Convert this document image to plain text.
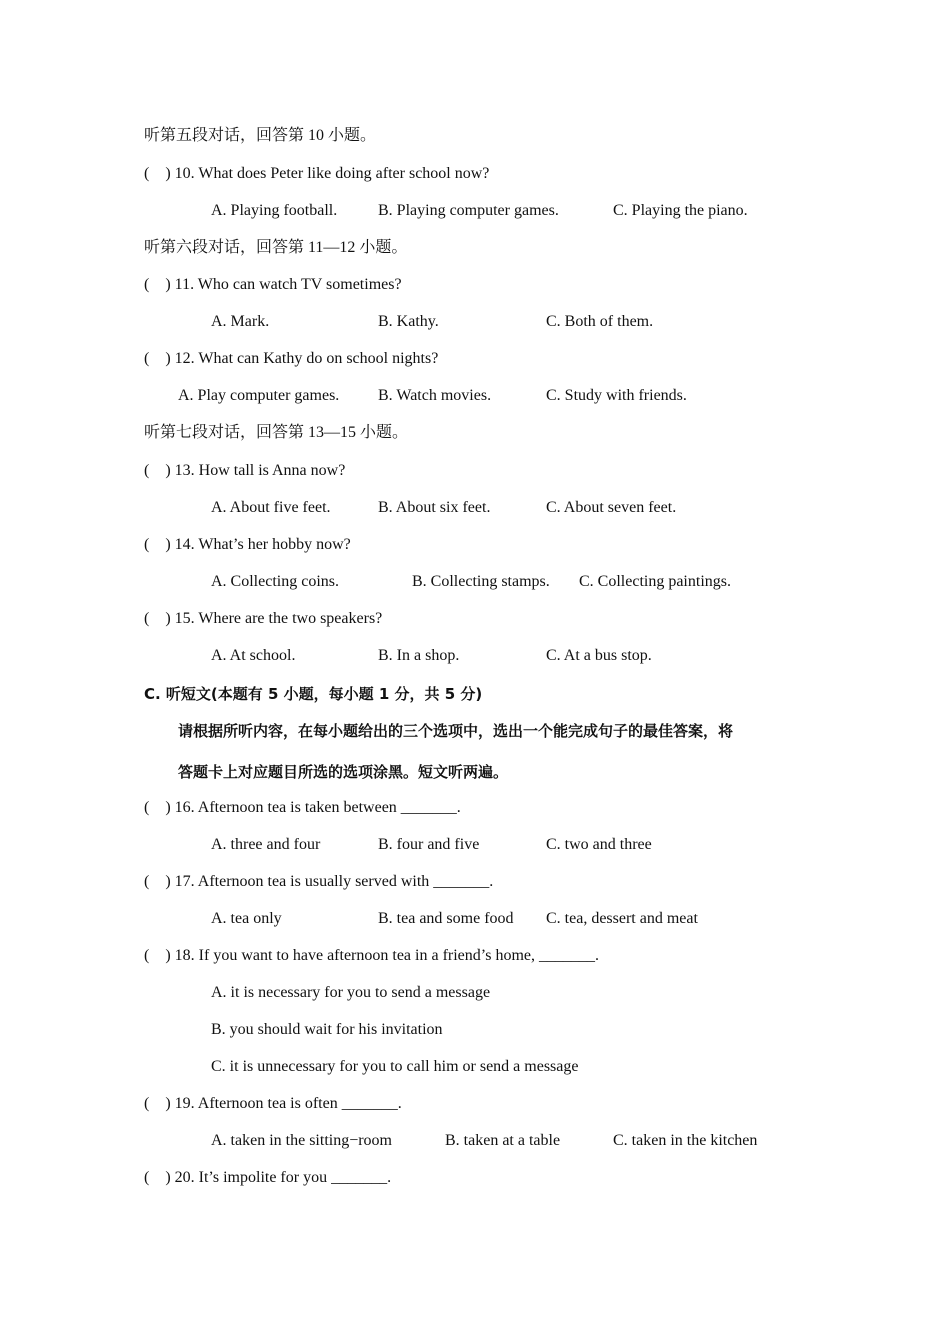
听第五段对话，回答第 10 小题。
(    ) 10. What does Peter like doing after school now?
A. Playing football.	B. Playing computer games.	C. Playing the piano.
听第六段对话，回答第 11—12 小题。
(    ) 11. Who can watch TV sometimes?
A. Mark.	B. Kathy.	C. Both of them.
(    ) 12. What can Kathy do on school nights?
A. Play computer games. B. Watch movies.	C. Study with friends.
听第七段对话，回答第 13—15 小题。
(    ) 13. How tall is Anna now?
A. About five feet.	B. About six feet.	C. About seven feet.
(    ) 14. What’s her hobby now?
A. Collecting coins.	B. Collecting stamps. C. Collecting paintings.
(    ) 15. Where are the two speakers?
A. At school.	B. In a shop.	C. At a bus stop.
C. 听短文(本题有 5 小题，每小题 1 分，共 5 分)
请根据所听内容，在每小题给出的三个选项中，选出一个能完成句子的最佳答案，将
答题卡上对应题目所选的选项涂黑。短文听两遍。
(    ) 16. Afternoon tea is taken between _______.
A. three and four	B. four and five	C. two and three
(    ) 17. Afternoon tea is usually served with _______.
A. tea only	B. tea and some food C. tea, dessert and meat
(    ) 18. If you want to have afternoon tea in a friend’s home, _______.
A. it is necessary for you to send a message
B. you should wait for his invitation
C. it is unnecessary for you to call him or send a message
(    ) 19. Afternoon tea is often _______.
A. taken in the sitting−room	B. taken at a table	C. taken in the kitchen
(    ) 20. It’s impolite for you _______.
